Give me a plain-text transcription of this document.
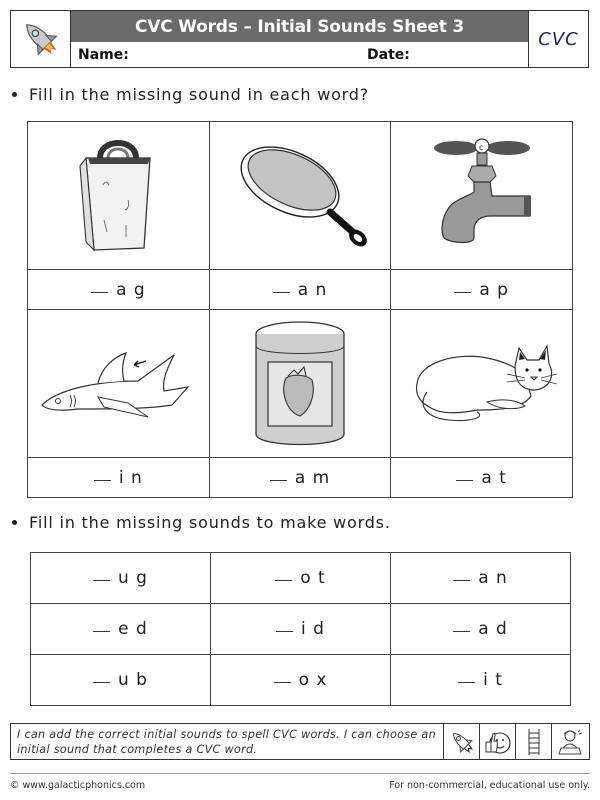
CVC Words – Initial Sounds Sheet 3
Name:	Date:
CVC
Fill in the missing sound in each word?

c

a g	a n	a p

i n	a m	a t
Fill in the missing sounds to make words.
u g	o t	a n
e d	i d	a d
u b	o x	i t
I can add the correct initial sounds to spell CVC words. I can choose an initial sound that completes a CVC word.
© www.galacticphonics.com	For non-commercial, educational use only.
